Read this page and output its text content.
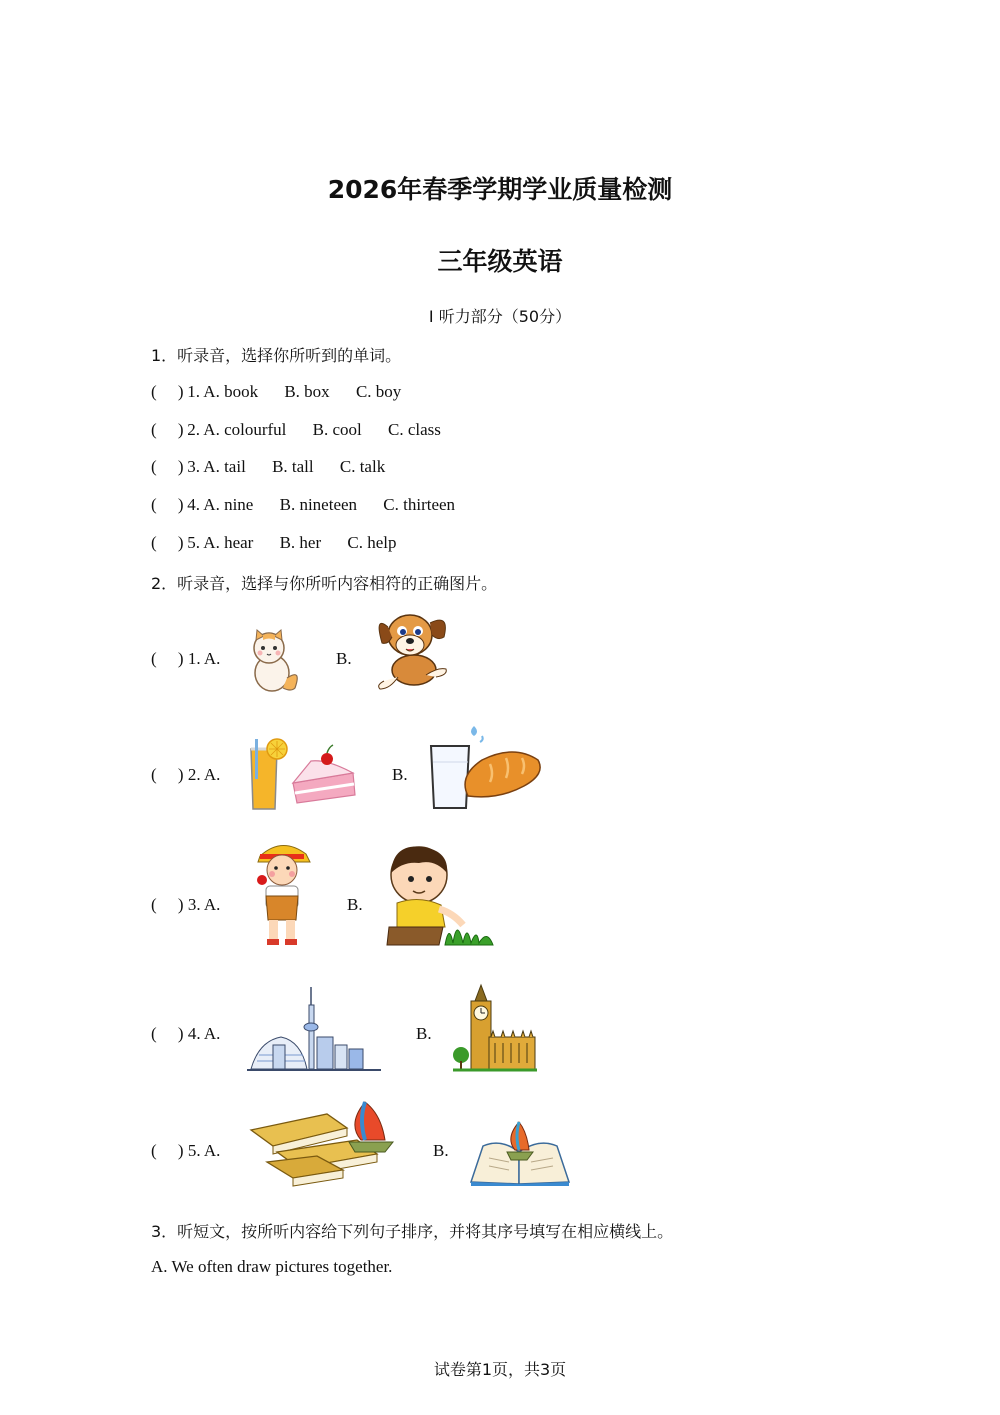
2026年春季学期学业质量检测
三年级英语
Ⅰ 听力部分（50分）
1．听录音，选择你所听到的单词。
(     ) 1. A. book B. box C. boy
(     ) 2. A. colourful B. cool C. class
(     ) 3. A. tail B. tall C. talk
(     ) 4. A. nine B. nineteen C. thirteen
(     ) 5. A. hear B. her C. help
2．听录音，选择与你所听内容相符的正确图片。
(     ) 1. A.	B.
(     ) 2. A.	B.
(     ) 3. A.	B.
(     ) 4. A.	B.
(     ) 5. A.	B.
3．听短文，按所听内容给下列句子排序，并将其序号填写在相应横线上。
A. We often draw pictures together.
试卷第1页，共3页
